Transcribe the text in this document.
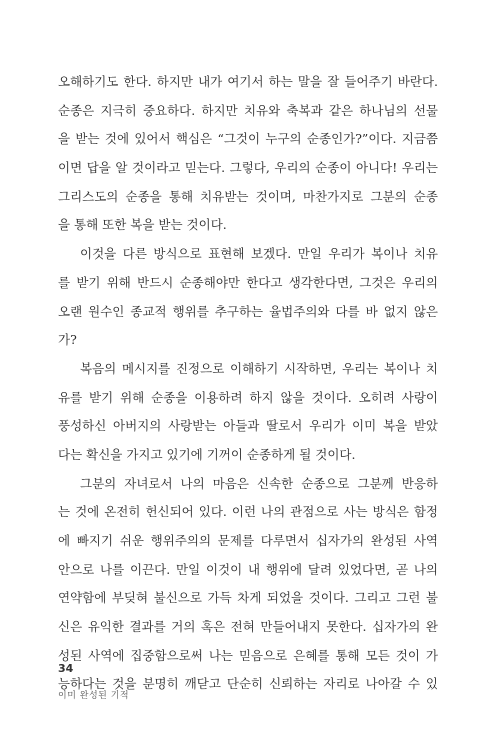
오해하기도 한다. 하지만 내가 여기서 하는 말을 잘 들어주기 바란다.
순종은 지극히 중요하다. 하지만 치유와 축복과 같은 하나님의 선물
을 받는 것에 있어서 핵심은 “그것이 누구의 순종인가?”이다. 지금쯤
이면 답을 알 것이라고 믿는다. 그렇다, 우리의 순종이 아니다! 우리는
그리스도의 순종을 통해 치유받는 것이며, 마찬가지로 그분의 순종
을 통해 또한 복을 받는 것이다.
이것을 다른 방식으로 표현해 보겠다. 만일 우리가 복이나 치유
를 받기 위해 반드시 순종해야만 한다고 생각한다면, 그것은 우리의
오랜 원수인 종교적 행위를 추구하는 율법주의와 다를 바 없지 않은
가?
복음의 메시지를 진정으로 이해하기 시작하면, 우리는 복이나 치
유를 받기 위해 순종을 이용하려 하지 않을 것이다. 오히려 사랑이
풍성하신 아버지의 사랑받는 아들과 딸로서 우리가 이미 복을 받았
다는 확신을 가지고 있기에 기꺼이 순종하게 될 것이다.
그분의 자녀로서 나의 마음은 신속한 순종으로 그분께 반응하
는 것에 온전히 헌신되어 있다. 이런 나의 관점으로 사는 방식은 함정
에 빠지기 쉬운 행위주의의 문제를 다루면서 십자가의 완성된 사역
안으로 나를 이끈다. 만일 이것이 내 행위에 달려 있었다면, 곧 나의
연약함에 부딪혀 불신으로 가득 차게 되었을 것이다. 그리고 그런 불
신은 유익한 결과를 거의 혹은 전혀 만들어내지 못한다. 십자가의 완
성된 사역에 집중함으로써 나는 믿음으로 은혜를 통해 모든 것이 가
능하다는 것을 분명히 깨닫고 단순히 신뢰하는 자리로 나아갈 수 있
34
이미 완성된 기적
